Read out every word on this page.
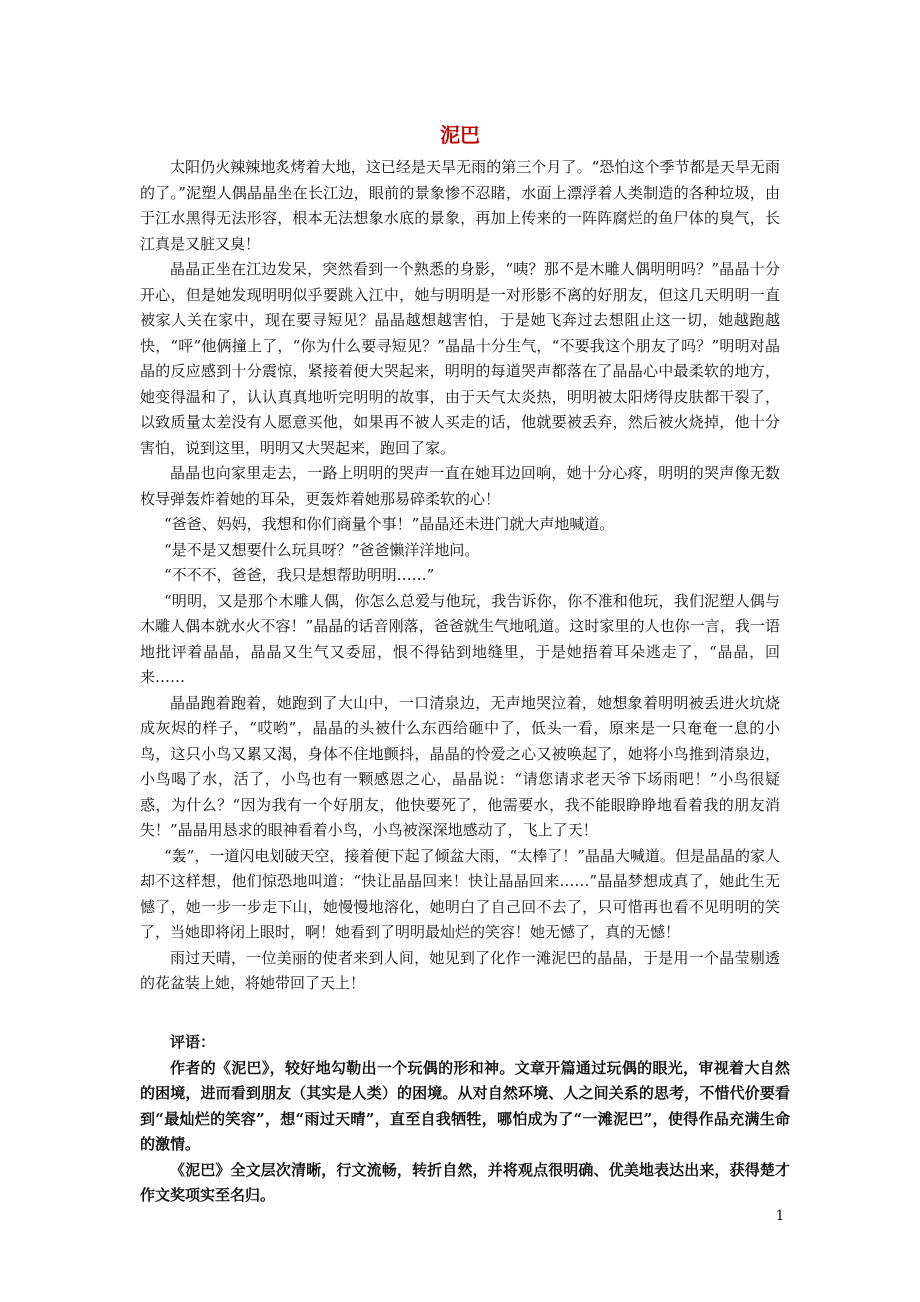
泥巴

太阳仍火辣辣地炙烤着大地，这已经是天旱无雨的第三个月了。“恐怕这个季节都是天旱无雨的了。”泥塑人偶晶晶坐在长江边，眼前的景象惨不忍睹，水面上漂浮着人类制造的各种垃圾，由于江水黑得无法形容，根本无法想象水底的景象，再加上传来的一阵阵腐烂的鱼尸体的臭气，长江真是又脏又臭！

晶晶正坐在江边发呆，突然看到一个熟悉的身影，“咦？那不是木雕人偶明明吗？”晶晶十分开心，但是她发现明明似乎要跳入江中，她与明明是一对形影不离的好朋友，但这几天明明一直被家人关在家中，现在要寻短见？晶晶越想越害怕，于是她飞奔过去想阻止这一切，她越跑越快，“呯”他俩撞上了，“你为什么要寻短见？”晶晶十分生气，“不要我这个朋友了吗？”明明对晶晶的反应感到十分震惊，紧接着便大哭起来，明明的每道哭声都落在了晶晶心中最柔软的地方，她变得温和了，认认真真地听完明明的故事，由于天气太炎热，明明被太阳烤得皮肤都干裂了，以致质量太差没有人愿意买他，如果再不被人买走的话，他就要被丢弃，然后被火烧掉，他十分害怕，说到这里，明明又大哭起来，跑回了家。

晶晶也向家里走去，一路上明明的哭声一直在她耳边回响，她十分心疼，明明的哭声像无数枚导弹轰炸着她的耳朵，更轰炸着她那易碎柔软的心！

“爸爸、妈妈，我想和你们商量个事！”晶晶还未进门就大声地喊道。

“是不是又想要什么玩具呀？”爸爸懒洋洋地问。

“不不不，爸爸，我只是想帮助明明……”

“明明，又是那个木雕人偶，你怎么总爱与他玩，我告诉你，你不准和他玩，我们泥塑人偶与木雕人偶本就水火不容！”晶晶的话音刚落，爸爸就生气地吼道。这时家里的人也你一言，我一语地批评着晶晶，晶晶又生气又委屈，恨不得钻到地缝里，于是她捂着耳朵逃走了，“晶晶，回来……

晶晶跑着跑着，她跑到了大山中，一口清泉边，无声地哭泣着，她想象着明明被丢进火坑烧成灰烬的样子，“哎哟”，晶晶的头被什么东西给砸中了，低头一看，原来是一只奄奄一息的小鸟，这只小鸟又累又渴，身体不住地颤抖，晶晶的怜爱之心又被唤起了，她将小鸟推到清泉边，小鸟喝了水，活了，小鸟也有一颗感恩之心，晶晶说：“请您请求老天爷下场雨吧！”小鸟很疑惑，为什么？“因为我有一个好朋友，他快要死了，他需要水，我不能眼睁睁地看着我的朋友消失！”晶晶用恳求的眼神看着小鸟，小鸟被深深地感动了，飞上了天！

“轰”，一道闪电划破天空，接着便下起了倾盆大雨，“太棒了！”晶晶大喊道。但是晶晶的家人却不这样想，他们惊恐地叫道：“快让晶晶回来！快让晶晶回来……”晶晶梦想成真了，她此生无憾了，她一步一步走下山，她慢慢地溶化，她明白了自己回不去了，只可惜再也看不见明明的笑了，当她即将闭上眼时，啊！她看到了明明最灿烂的笑容！她无憾了，真的无憾！

雨过天晴，一位美丽的使者来到人间，她见到了化作一滩泥巴的晶晶，于是用一个晶莹剔透的花盆装上她，将她带回了天上！

评语：

作者的《泥巴》，较好地勾勒出一个玩偶的形和神。文章开篇通过玩偶的眼光，审视着大自然的困境，进而看到朋友（其实是人类）的困境。从对自然环境、人之间关系的思考，不惜代价要看到“最灿烂的笑容”，想“雨过天晴”，直至自我牺牲，哪怕成为了“一滩泥巴”，使得作品充满生命的激情。

《泥巴》全文层次清晰，行文流畅，转折自然，并将观点很明确、优美地表达出来，获得楚才作文奖项实至名归。

1
